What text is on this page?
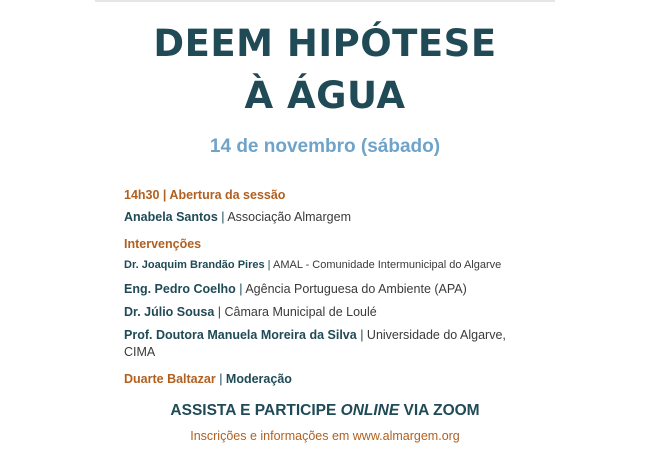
DEEM HIPÓTESE
À ÁGUA
14 de novembro (sábado)
14h30 | Abertura da sessão
Anabela Santos | Associação Almargem
Intervenções
Dr. Joaquim Brandão Pires | AMAL - Comunidade Intermunicipal do Algarve
Eng. Pedro Coelho | Agência Portuguesa do Ambiente (APA)
Dr. Júlio Sousa | Câmara Municipal de Loulé
Prof. Doutora Manuela Moreira da Silva | Universidade do Algarve,
CIMA
Duarte Baltazar | Moderação
ASSISTA E PARTICIPE ONLINE VIA ZOOM
Inscrições e informações em www.almargem.org
